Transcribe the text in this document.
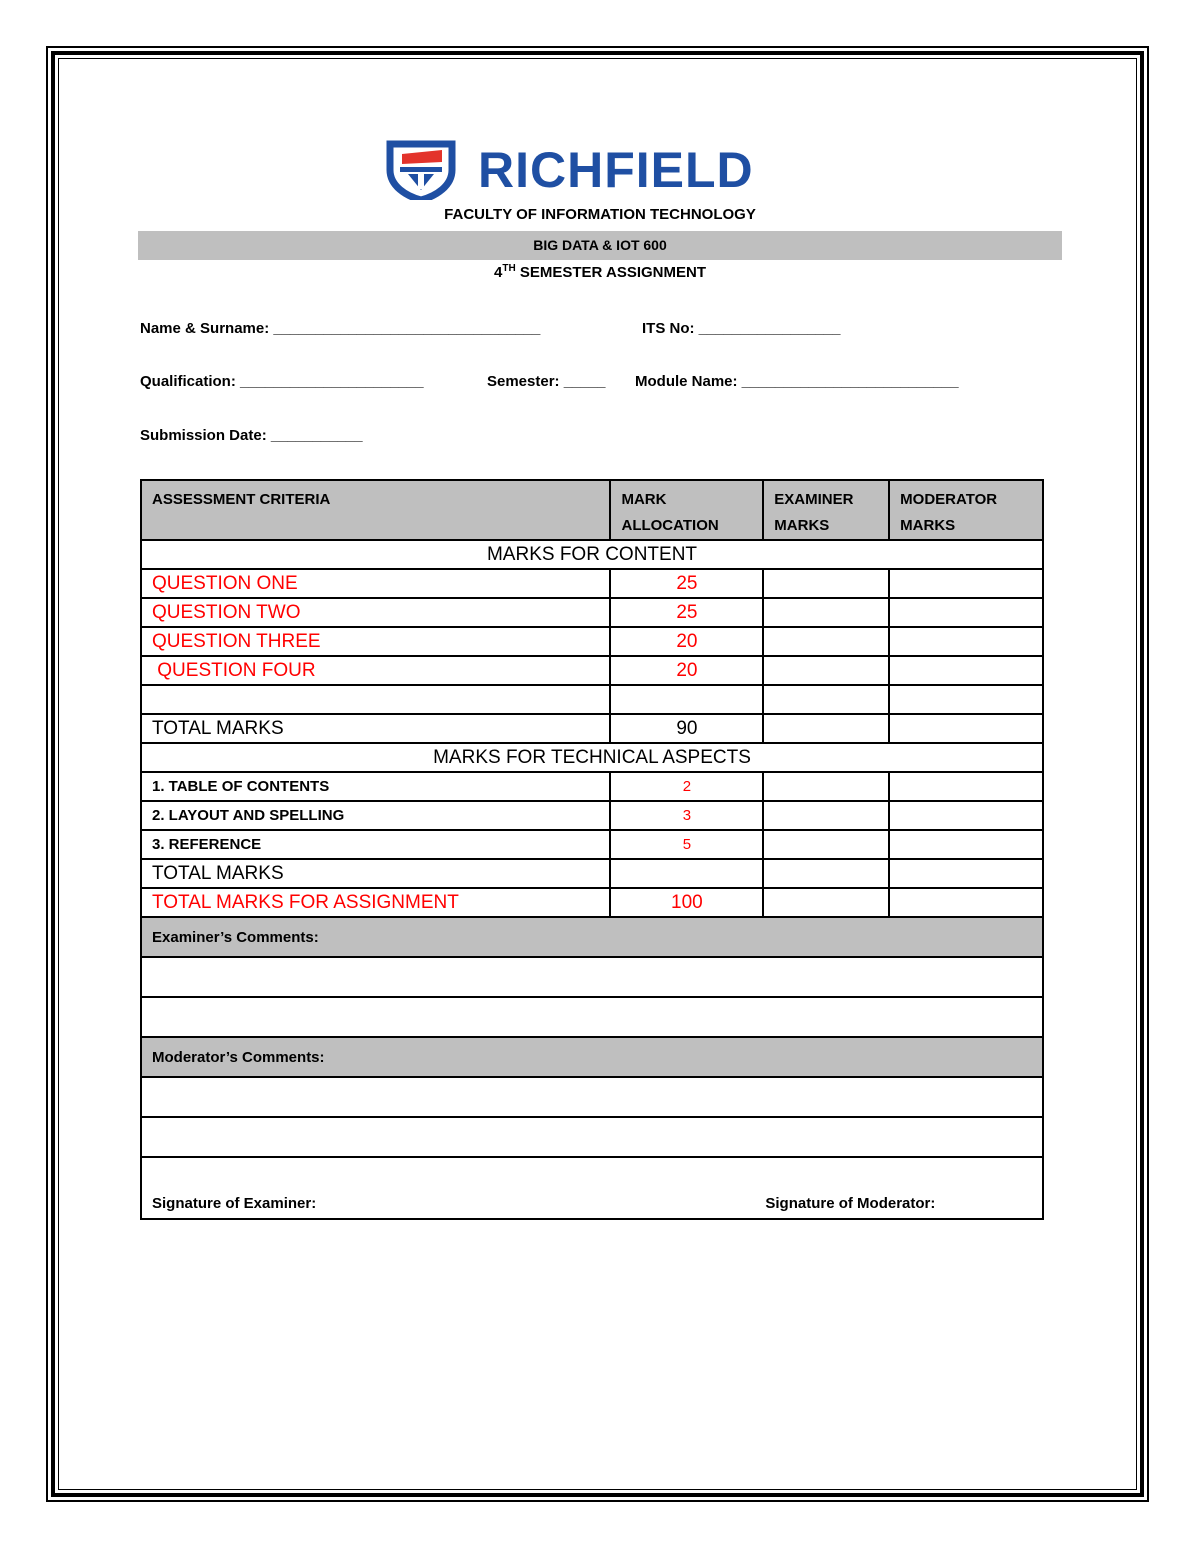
RICHFIELD
FACULTY OF INFORMATION TECHNOLOGY
BIG DATA & IOT 600
4TH SEMESTER ASSIGNMENT
Name & Surname: ________________________________	ITS No: _________________
Qualification: ______________________	Semester: _____ Module Name: __________________________
Submission Date: ___________
ASSESSMENT CRITERIA	MARK ALLOCATION	EXAMINER MARKS	MODERATOR MARKS
MARKS FOR CONTENT			
QUESTION ONE	25		
QUESTION TWO	25		
QUESTION THREE	20		
QUESTION FOUR	20		

TOTAL MARKS	90		
MARKS FOR TECHNICAL ASPECTS			
1. TABLE OF CONTENTS	2		
2. LAYOUT AND SPELLING	3		
3. REFERENCE	5		
TOTAL MARKS			
TOTAL MARKS FOR ASSIGNMENT	100		
Examiner’s Comments:			

Moderator’s Comments:			

Signature of Examiner: Signature of Moderator:			
